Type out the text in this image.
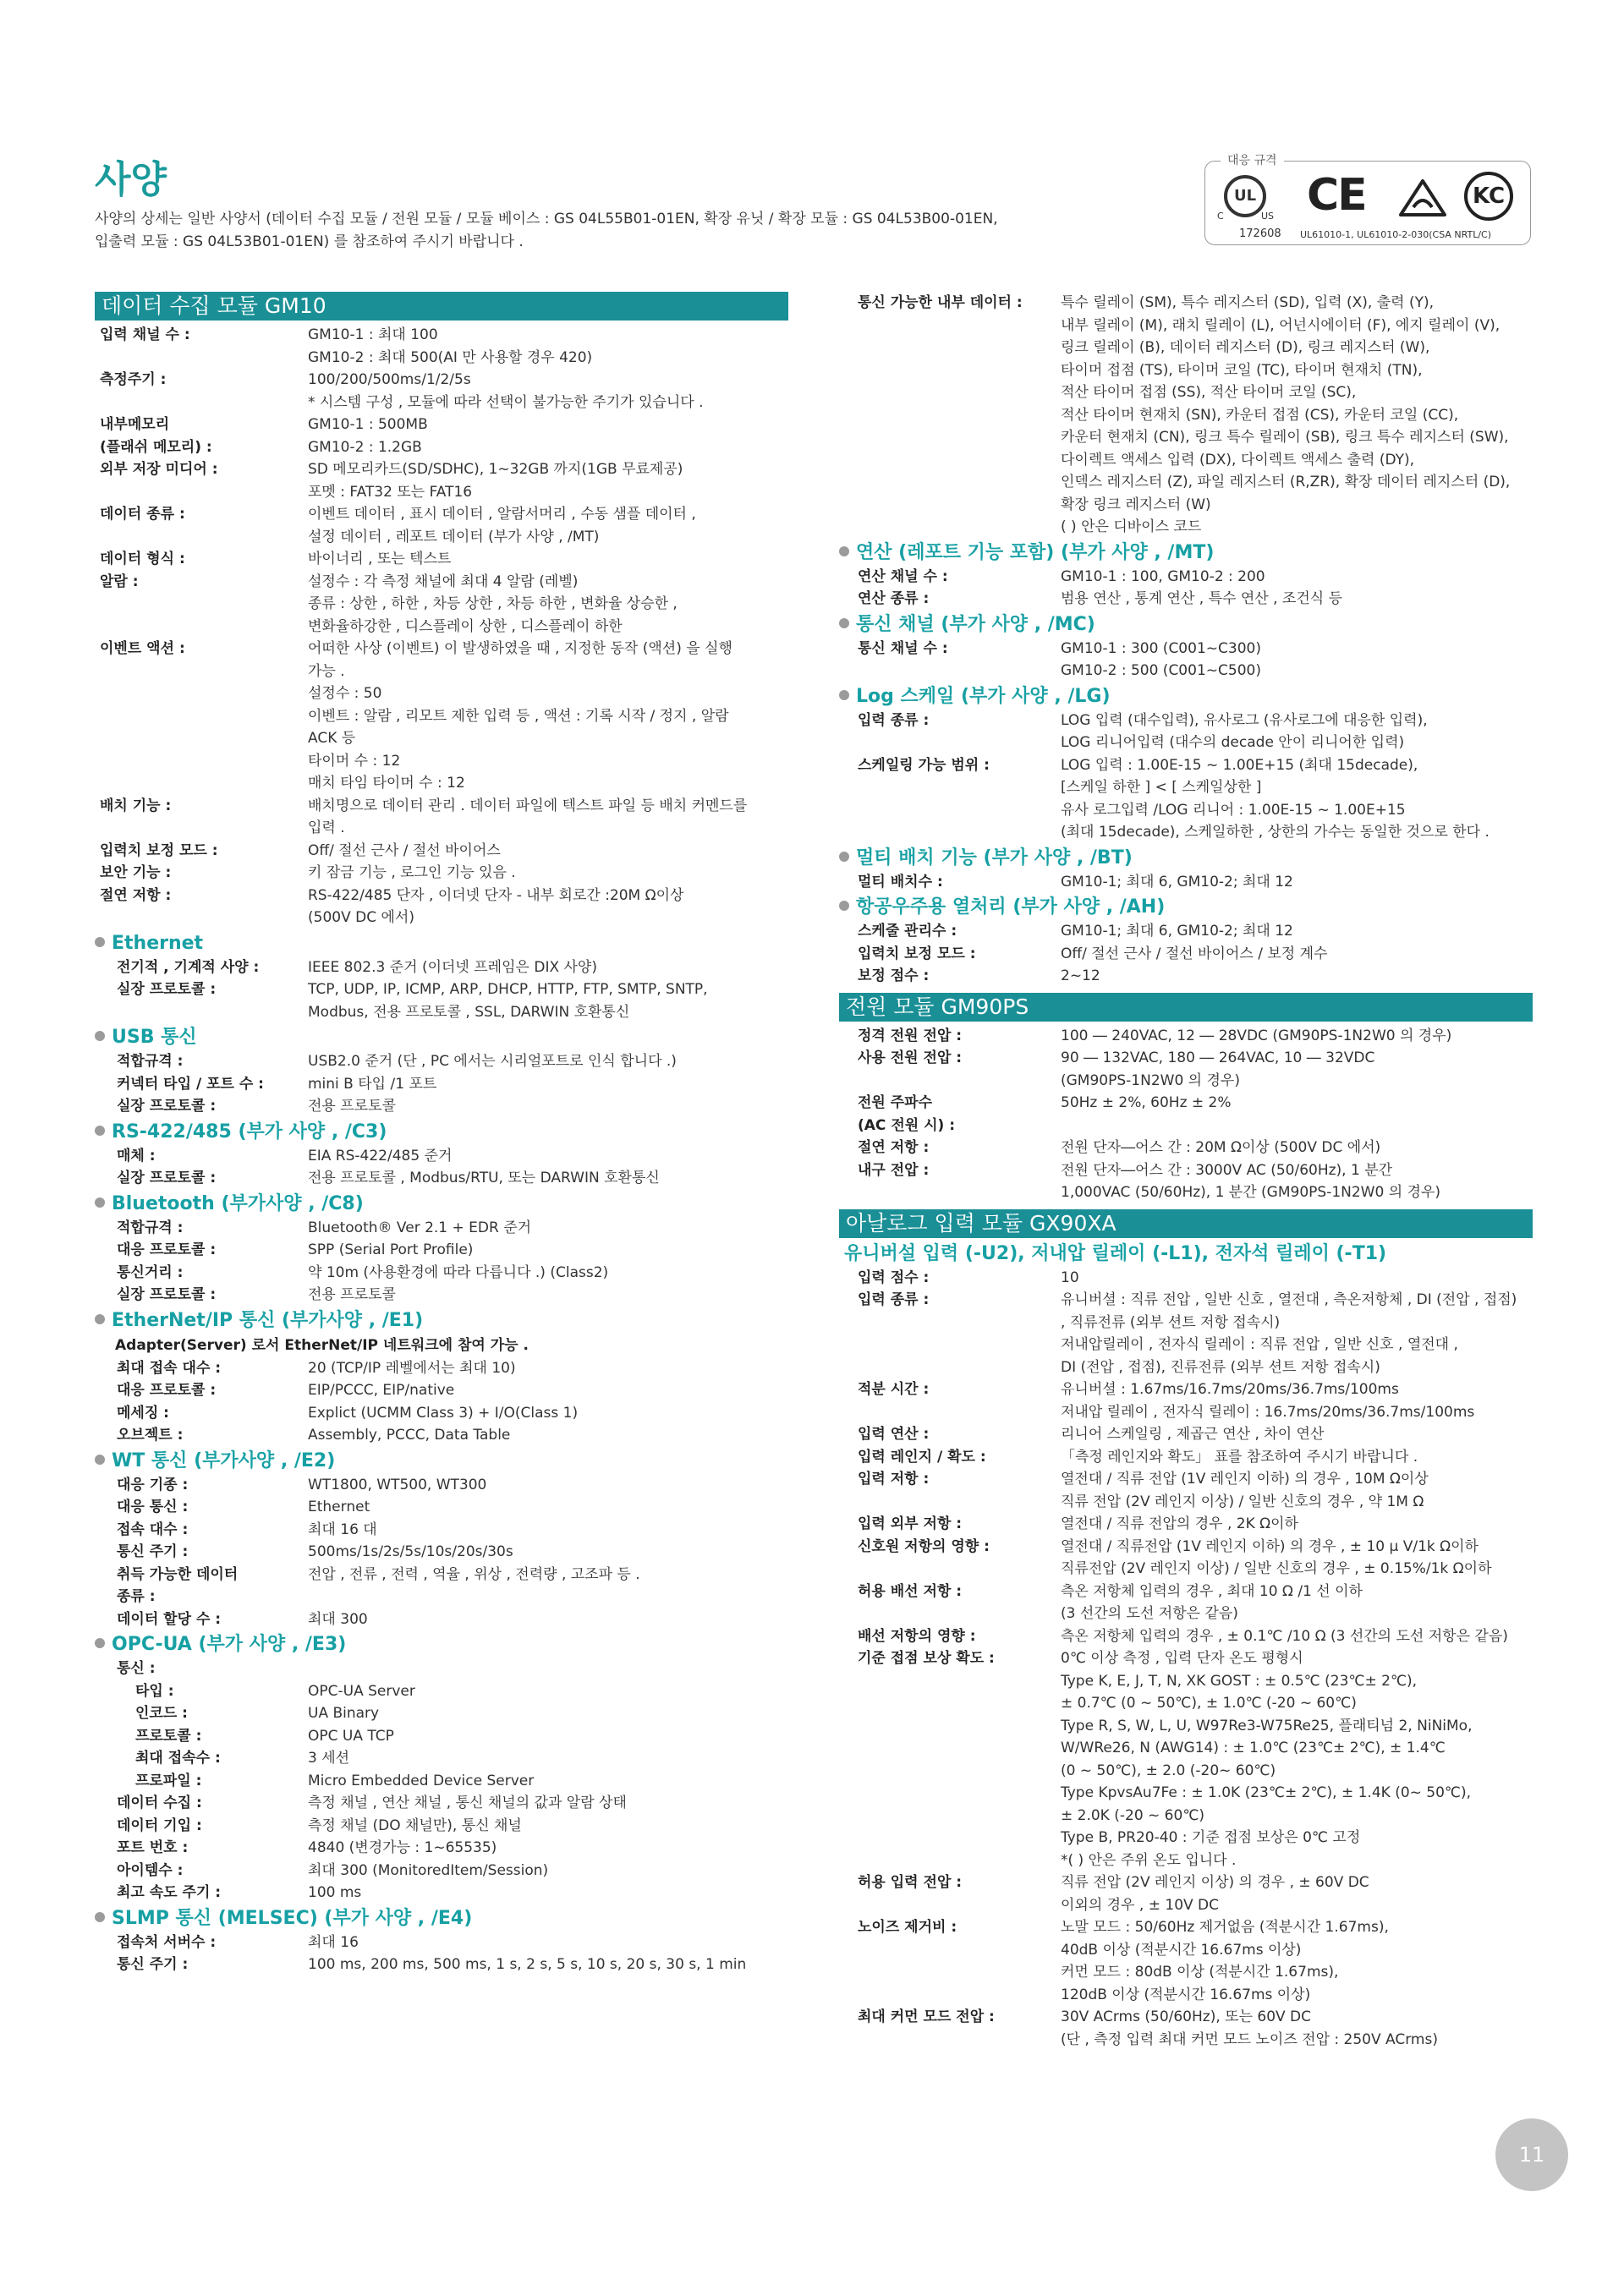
사양

사양의 상세는 일반 사양서 (데이터 수집 모듈 / 전원 모듈 / 모듈 베이스 : GS 04L55B01-01EN, 확장 유닛 / 확장 모듈 : GS 04L53B00-01EN,

입출력 모듈 : GS 04L53B01-01EN) 를 참조하여 주시기 바랍니다 .

대응 규격
UL
C	US CE	KC
172608 UL61010-1, UL61010-2-030(CSA NRTL/C)
데이터 수집 모듈 GM10
입력 채널 수 :	GM10-1 : 최대 100

GM10-2 : 최대 500(AI 만 사용할 경우 420)

측정주기 :	100/200/500ms/1/2/5s

* 시스템 구성 , 모듈에 따라 선택이 불가능한 주기가 있습니다 .

내부메모리	GM10-1 : 500MB

(플래쉬 메모리) :	GM10-2 : 1.2GB

외부 저장 미디어 :	SD 메모리카드(SD/SDHC), 1~32GB 까지(1GB 무료제공)

포멧 : FAT32 또는 FAT16

데이터 종류 :	이벤트 데이터 , 표시 데이터 , 알람서머리 , 수동 샘플 데이터 ,

설정 데이터 , 레포트 데이터 (부가 사양 , /MT)

데이터 형식 :	바이너리 , 또는 텍스트

알람 :	설정수 : 각 측정 채널에 최대 4 알람 (레벨)

종류 : 상한 , 하한 , 차등 상한 , 차등 하한 , 변화율 상승한 ,

변화율하강한 , 디스플레이 상한 , 디스플레이 하한

이벤트 액션 :	어떠한 사상 (이벤트) 이 발생하였을 때 , 지정한 동작 (액션) 을 실행

가능 .

설정수 : 50

이벤트 : 알람 , 리모트 제한 입력 등 , 액션 : 기록 시작 / 정지 , 알람

ACK 등

타이머 수 : 12

매치 타임 타이머 수 : 12

배치 기능 :	배치명으로 데이터 관리 . 데이터 파일에 텍스트 파일 등 배치 커멘드를

입력 .

입력치 보정 모드 :	Off/ 절선 근사 / 절선 바이어스

보안 기능 :	키 잠금 기능 , 로그인 기능 있음 .

절연 저항 :	RS-422/485 단자 , 이더넷 단자 - 내부 회로간 :20M Ω이상

(500V DC 에서)

Ethernet
전기적 , 기계적 사양 :	IEEE 802.3 준거 (이더넷 프레임은 DIX 사양)

실장 프로토콜 :	TCP, UDP, IP, ICMP, ARP, DHCP, HTTP, FTP, SMTP, SNTP,

Modbus, 전용 프로토콜 , SSL, DARWIN 호환통신

USB 통신
적합규격 :	USB2.0 준거 (단 , PC 에서는 시리얼포트로 인식 합니다 .)

커넥터 타입 / 포트 수 :	mini B 타입 /1 포트

실장 프로토콜 :	전용 프로토콜

RS-422/485 (부가 사양 , /C3)
매체 :	EIA RS-422/485 준거

실장 프로토콜 :	전용 프로토콜 , Modbus/RTU, 또는 DARWIN 호환통신

Bluetooth (부가사양 , /C8)
적합규격 :	Bluetooth® Ver 2.1 + EDR 준거

대응 프로토콜 :	SPP (Serial Port Profile)

통신거리 :	약 10m (사용환경에 따라 다릅니다 .) (Class2)

실장 프로토콜 :	전용 프로토콜

EtherNet/IP 통신 (부가사양 , /E1)
Adapter(Server) 로서 EtherNet/IP 네트워크에 참여 가능 .
최대 접속 대수 :	20 (TCP/IP 레벨에서는 최대 10)

대응 프로토콜 :	EIP/PCCC, EIP/native

메세징 :	Explict (UCMM Class 3) + I/O(Class 1)

오브젝트 :	Assembly, PCCC, Data Table

WT 통신 (부가사양 , /E2)
대응 기종 :	WT1800, WT500, WT300

대응 통신 :	Ethernet

접속 대수 :	최대 16 대

통신 주기 :	500ms/1s/2s/5s/10s/20s/30s

취득 가능한 데이터	전압 , 전류 , 전력 , 역율 , 위상 , 전력량 , 고조파 등 .

종류 :

데이터 할당 수 :	최대 300

OPC-UA (부가 사양 , /E3)
통신 :

타입 :	OPC-UA Server

인코드 :	UA Binary

프로토콜 :	OPC UA TCP

최대 접속수 :	3 세션

프로파일 :	Micro Embedded Device Server

데이터 수집 :	측정 채널 , 연산 채널 , 통신 채널의 값과 알람 상태

데이터 기입 :	측정 채널 (DO 채널만), 통신 채널

포트 번호 :	4840 (변경가능 : 1~65535)

아이템수 :	최대 300 (MonitoredItem/Session)

최고 속도 주기 :	100 ms

SLMP 통신 (MELSEC) (부가 사양 , /E4)
접속처 서버수 :	최대 16

통신 주기 :	100 ms, 200 ms, 500 ms, 1 s, 2 s, 5 s, 10 s, 20 s, 30 s, 1 min

통신 가능한 내부 데이터 :	특수 릴레이 (SM), 특수 레지스터 (SD), 입력 (X), 출력 (Y),

내부 릴레이 (M), 래치 릴레이 (L), 어넌시에이터 (F), 에지 릴레이 (V),

링크 릴레이 (B), 데이터 레지스터 (D), 링크 레지스터 (W),

타이머 접점 (TS), 타이머 코일 (TC), 타이머 현재치 (TN),

적산 타이머 접점 (SS), 적산 타이머 코일 (SC),

적산 타이머 현재치 (SN), 카운터 접점 (CS), 카운터 코일 (CC),

카운터 현재치 (CN), 링크 특수 릴레이 (SB), 링크 특수 레지스터 (SW),

다이렉트 액세스 입력 (DX), 다이렉트 액세스 출력 (DY),

인덱스 레지스터 (Z), 파일 레지스터 (R,ZR), 확장 데이터 레지스터 (D),

확장 링크 레지스터 (W)

( ) 안은 디바이스 코드

연산 (레포트 기능 포함) (부가 사양 , /MT)
연산 채널 수 :	GM10-1 : 100, GM10-2 : 200

연산 종류 :	범용 연산 , 통계 연산 , 특수 연산 , 조건식 등

통신 채널 (부가 사양 , /MC)
통신 채널 수 :	GM10-1 : 300 (C001~C300)

GM10-2 : 500 (C001~C500)

Log 스케일 (부가 사양 , /LG)
입력 종류 :	LOG 입력 (대수입력), 유사로그 (유사로그에 대응한 입력),

LOG 리니어입력 (대수의 decade 안이 리니어한 입력)

스케일링 가능 범위 :	LOG 입력 : 1.00E-15 ~ 1.00E+15 (최대 15decade),

[스케일 하한 ] < [ 스케일상한 ]

유사 로그입력 /LOG 리니어 : 1.00E-15 ~ 1.00E+15

(최대 15decade), 스케일하한 , 상한의 가수는 동일한 것으로 한다 .

멀티 배치 기능 (부가 사양 , /BT)
멀티 배치수 :	GM10-1; 최대 6, GM10-2; 최대 12

항공우주용 열처리 (부가 사양 , /AH)
스케줄 관리수 :	GM10-1; 최대 6, GM10-2; 최대 12

입력치 보정 모드 :	Off/ 절선 근사 / 절선 바이어스 / 보정 계수

보정 점수 :	2~12

전원 모듈 GM90PS
정격 전원 전압 :	100 ― 240VAC, 12 ― 28VDC (GM90PS-1N2W0 의 경우)

사용 전원 전압 :	90 ― 132VAC, 180 ― 264VAC, 10 ― 32VDC

(GM90PS-1N2W0 의 경우)

전원 주파수	50Hz ± 2%, 60Hz ± 2%

(AC 전원 시) :

절연 저항 :	전원 단자―어스 간 : 20M Ω이상 (500V DC 에서)

내구 전압 :	전원 단자―어스 간 : 3000V AC (50/60Hz), 1 분간

1,000VAC (50/60Hz), 1 분간 (GM90PS-1N2W0 의 경우)

아날로그 입력 모듈 GX90XA
유니버설 입력 (-U2), 저내압 릴레이 (-L1), 전자석 릴레이 (-T1)
입력 점수 :	10

입력 종류 :	유니버셜 : 직류 전압 , 일반 신호 , 열전대 , 측온저항체 , DI (전압 , 접점)

, 직류전류 (외부 션트 저항 접속시)

저내압릴레이 , 전자식 릴레이 : 직류 전압 , 일반 신호 , 열전대 ,

DI (전압 , 접점), 진류전류 (외부 션트 저항 접속시)

적분 시간 :	유니버셜 : 1.67ms/16.7ms/20ms/36.7ms/100ms

저내압 릴레이 , 전자식 릴레이 : 16.7ms/20ms/36.7ms/100ms

입력 연산 :	리니어 스케일링 , 제곱근 연산 , 차이 연산

입력 레인지 / 확도 :	「측정 레인지와 확도」 표를 참조하여 주시기 바랍니다 .

입력 저항 :	열전대 / 직류 전압 (1V 레인지 이하) 의 경우 , 10M Ω이상

직류 전압 (2V 레인지 이상) / 일반 신호의 경우 , 약 1M Ω

입력 외부 저항 :	열전대 / 직류 전압의 경우 , 2K Ω이하

신호원 저항의 영향 :	열전대 / 직류전압 (1V 레인지 이하) 의 경우 , ± 10 μ V/1k Ω이하

직류전압 (2V 레인지 이상) / 일반 신호의 경우 , ± 0.15%/1k Ω이하

허용 배선 저항 :	측온 저항체 입력의 경우 , 최대 10 Ω /1 선 이하

(3 선간의 도선 저항은 같음)

배선 저항의 영향 :	측온 저항체 입력의 경우 , ± 0.1℃ /10 Ω (3 선간의 도선 저항은 같음)

기준 접점 보상 확도 :	0℃ 이상 측정 , 입력 단자 온도 평형시

Type K, E, J, T, N, XK GOST : ± 0.5℃ (23℃± 2℃),

± 0.7℃ (0 ~ 50℃), ± 1.0℃ (-20 ~ 60℃)

Type R, S, W, L, U, W97Re3-W75Re25, 플래티넘 2, NiNiMo,

W/WRe26, N (AWG14) : ± 1.0℃ (23℃± 2℃), ± 1.4℃

(0 ~ 50℃), ± 2.0 (-20~ 60℃)

Type KpvsAu7Fe : ± 1.0K (23℃± 2℃), ± 1.4K (0~ 50℃),

± 2.0K (-20 ~ 60℃)

Type B, PR20-40 : 기준 접점 보상은 0℃ 고정

*( ) 안은 주위 온도 입니다 .

허용 입력 전압 :	직류 전압 (2V 레인지 이상) 의 경우 , ± 60V DC

이외의 경우 , ± 10V DC

노이즈 제거비 :	노말 모드 : 50/60Hz 제거없음 (적분시간 1.67ms),

40dB 이상 (적분시간 16.67ms 이상)

커먼 모드 : 80dB 이상 (적분시간 1.67ms),

120dB 이상 (적분시간 16.67ms 이상)

최대 커먼 모드 전압 :	30V ACrms (50/60Hz), 또는 60V DC

(단 , 측정 입력 최대 커먼 모드 노이즈 전압 : 250V ACrms)

11
